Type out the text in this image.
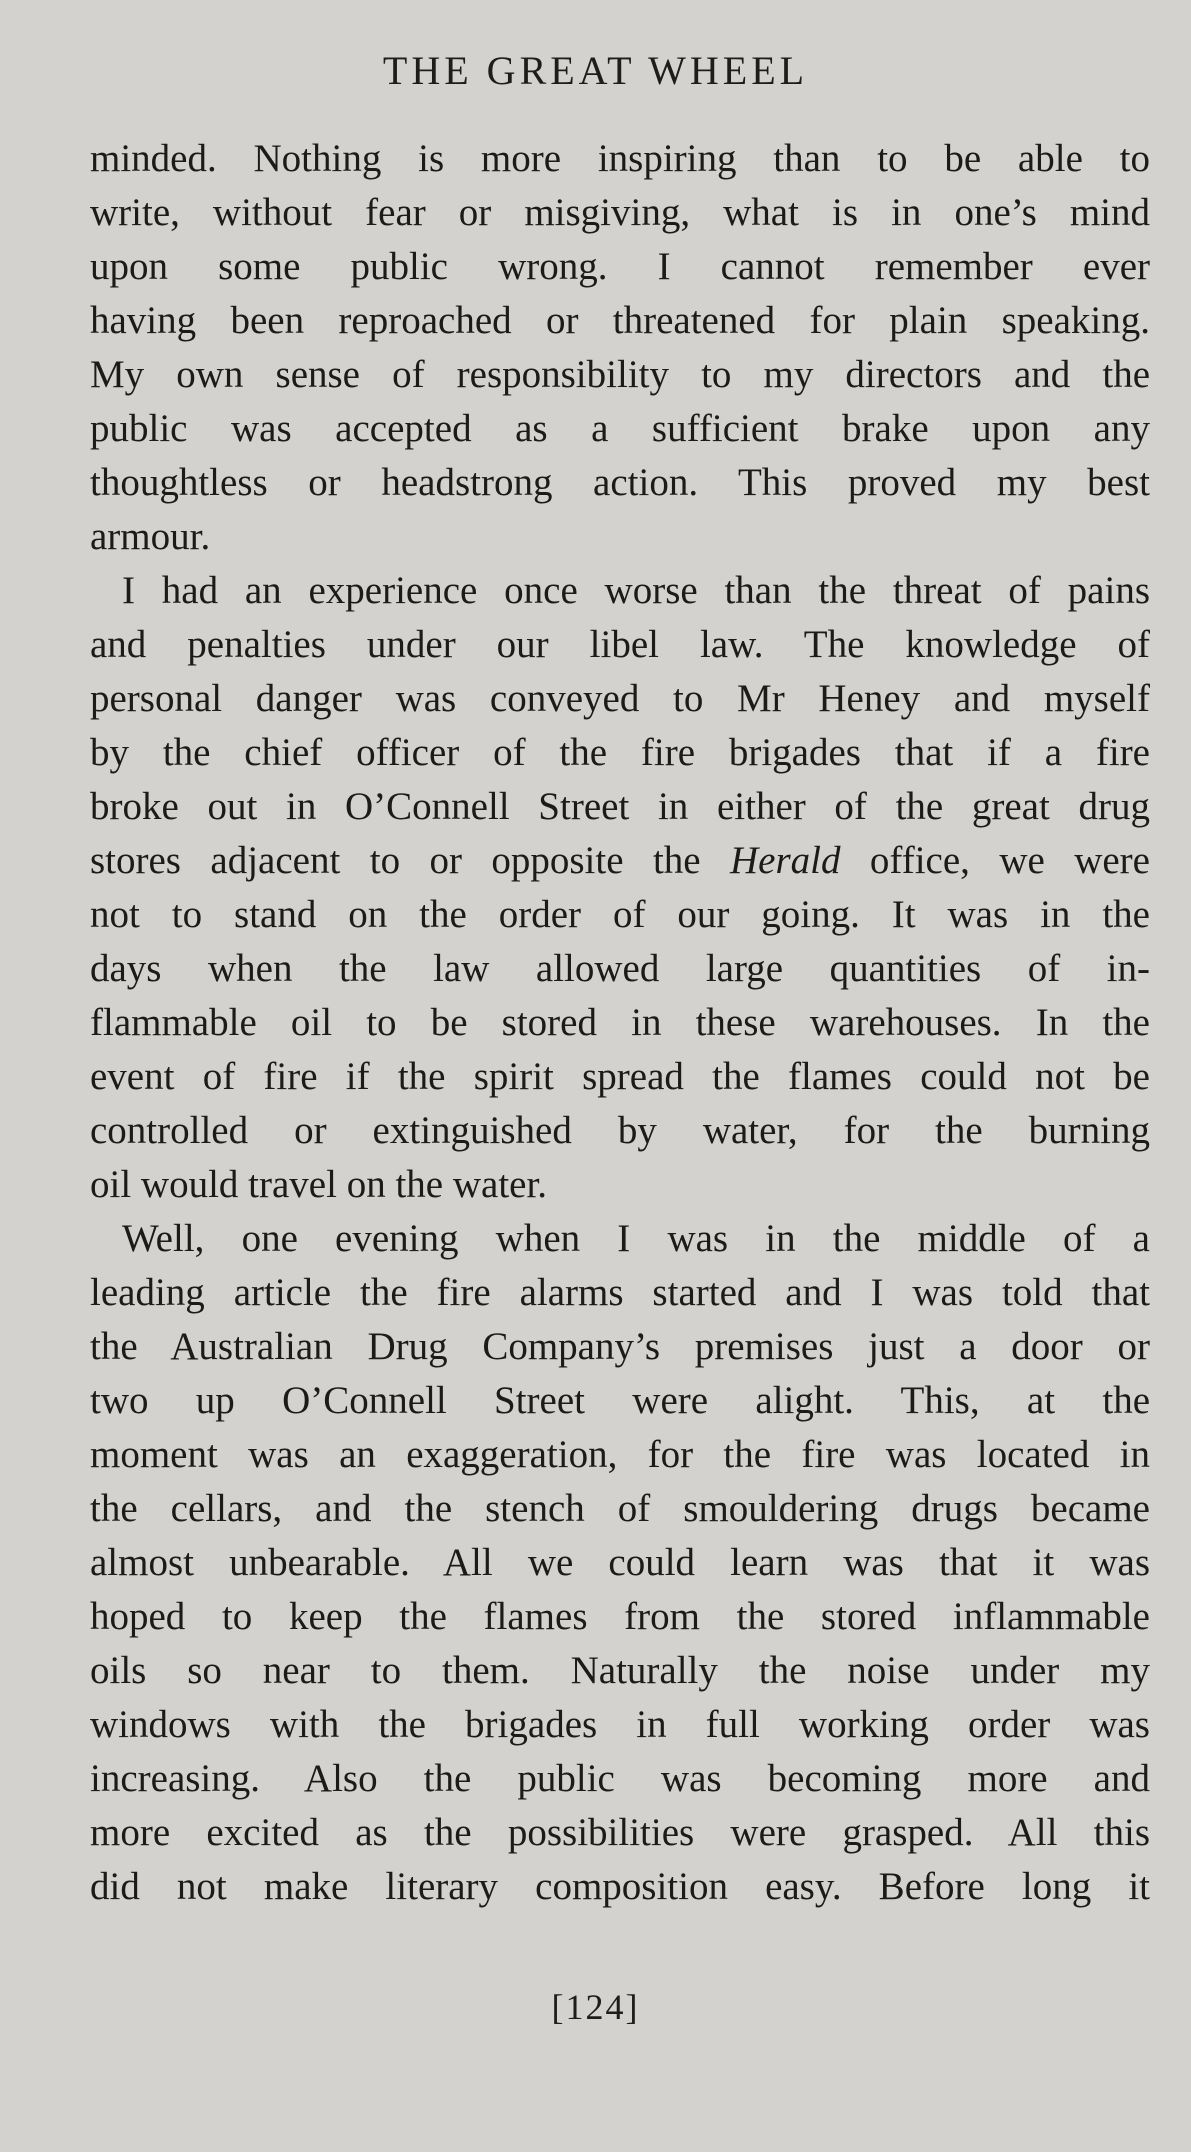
THE GREAT WHEEL
minded. Nothing is more inspiring than to be able to
write, without fear or misgiving, what is in one’s mind
upon some public wrong. I cannot remember ever
having been reproached or threatened for plain speaking.
My own sense of responsibility to my directors and the
public was accepted as a sufficient brake upon any
thoughtless or headstrong action. This proved my best
armour.
I had an experience once worse than the threat of pains
and penalties under our libel law. The knowledge of
personal danger was conveyed to Mr Heney and myself
by the chief officer of the fire brigades that if a fire
broke out in O’Connell Street in either of the great drug
stores adjacent to or opposite the Herald office, we were
not to stand on the order of our going. It was in the
days when the law allowed large quantities of in-
flammable oil to be stored in these warehouses. In the
event of fire if the spirit spread the flames could not be
controlled or extinguished by water, for the burning
oil would travel on the water.
Well, one evening when I was in the middle of a
leading article the fire alarms started and I was told that
the Australian Drug Company’s premises just a door or
two up O’Connell Street were alight. This, at the
moment was an exaggeration, for the fire was located in
the cellars, and the stench of smouldering drugs became
almost unbearable. All we could learn was that it was
hoped to keep the flames from the stored inflammable
oils so near to them. Naturally the noise under my
windows with the brigades in full working order was
increasing. Also the public was becoming more and
more excited as the possibilities were grasped. All this
did not make literary composition easy. Before long it
[124]
